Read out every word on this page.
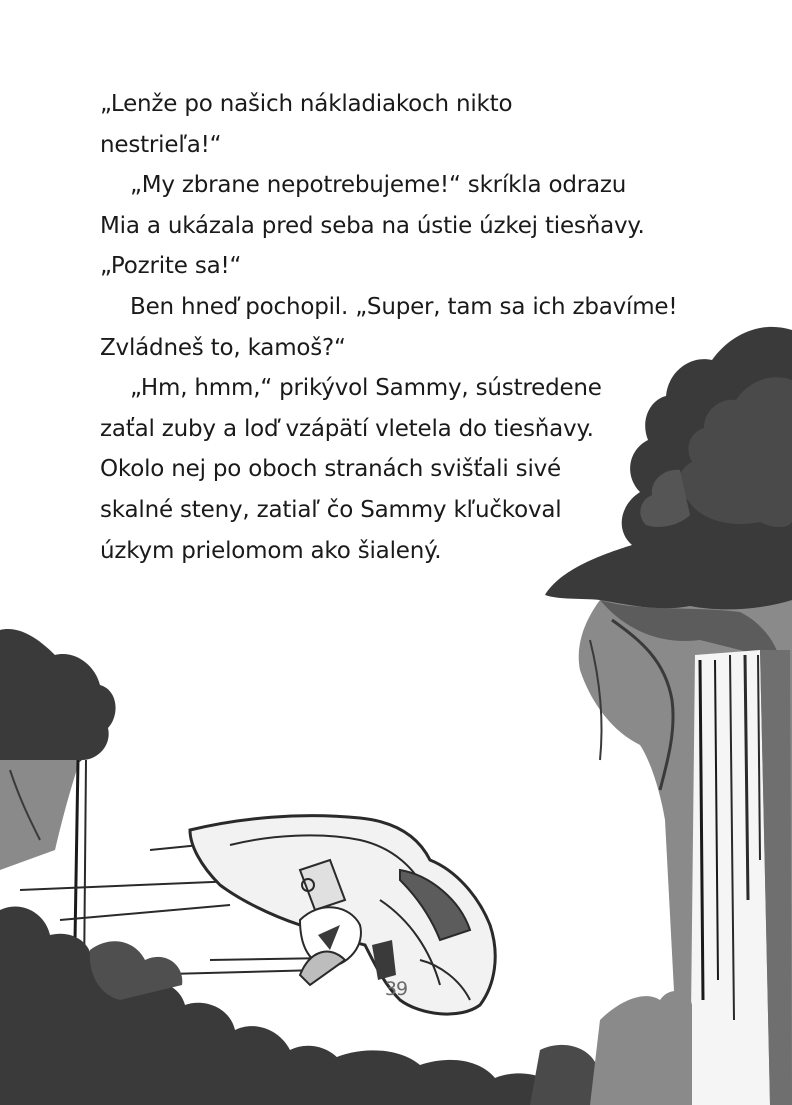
„Lenže po našich nákladiakoch nikto
nestrieľa!“
„My zbrane nepotrebujeme!“ skríkla odrazu
Mia a ukázala pred seba na ústie úzkej tiesňavy.
„Pozrite sa!“
Ben hneď pochopil. „Super, tam sa ich zbavíme!
Zvládneš to, kamoš?“
„Hm, hmm,“ prikývol Sammy, sústredene
zaťal zuby a loď vzápätí vletela do tiesňavy.
Okolo nej po oboch stranách svišťali sivé
skalné steny, zatiaľ čo Sammy kľučkoval
úzkym prielomom ako šialený.
39
